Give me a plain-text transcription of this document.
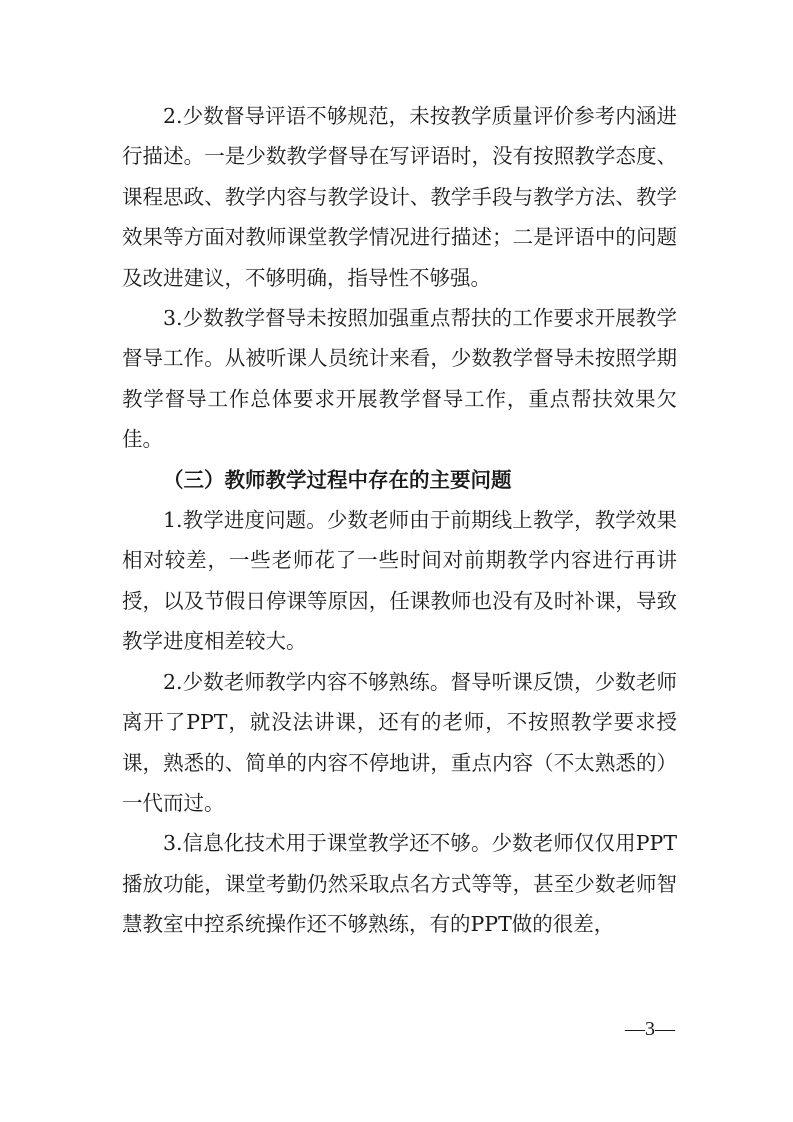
2.少数督导评语不够规范，未按教学质量评价参考内涵进行描述。一是少数教学督导在写评语时，没有按照教学态度、课程思政、教学内容与教学设计、教学手段与教学方法、教学效果等方面对教师课堂教学情况进行描述；二是评语中的问题及改进建议，不够明确，指导性不够强。

3.少数教学督导未按照加强重点帮扶的工作要求开展教学督导工作。从被听课人员统计来看，少数教学督导未按照学期教学督导工作总体要求开展教学督导工作，重点帮扶效果欠佳。

（三）教师教学过程中存在的主要问题

1.教学进度问题。少数老师由于前期线上教学，教学效果相对较差，一些老师花了一些时间对前期教学内容进行再讲授，以及节假日停课等原因，任课教师也没有及时补课，导致教学进度相差较大。

2.少数老师教学内容不够熟练。督导听课反馈，少数老师离开了PPT，就没法讲课，还有的老师，不按照教学要求授课，熟悉的、简单的内容不停地讲，重点内容（不太熟悉的）一代而过。

3.信息化技术用于课堂教学还不够。少数老师仅仅用PPT播放功能，课堂考勤仍然采取点名方式等等，甚至少数老师智慧教室中控系统操作还不够熟练，有的PPT做的很差，

—3—
